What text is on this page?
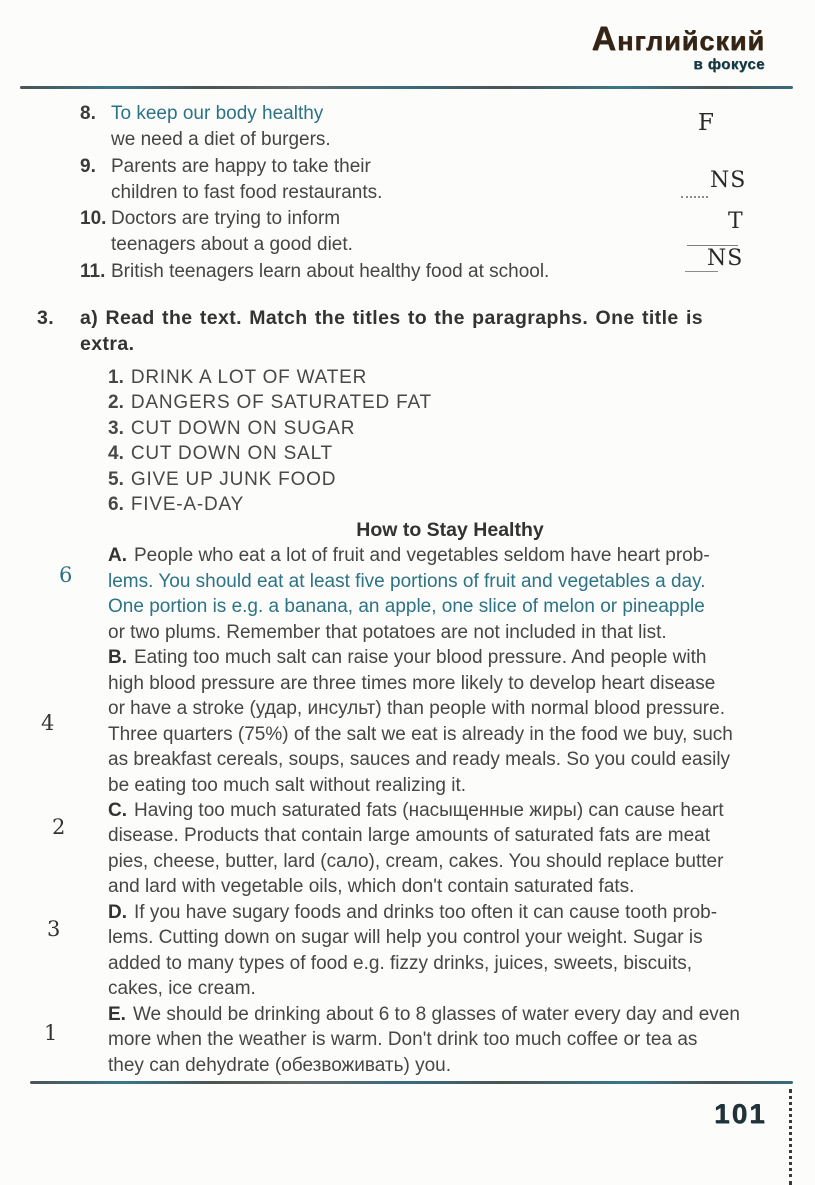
Английский
в фокусе
8. To keep our body healthy
we need a diet of burgers.
9. Parents are happy to take their
children to fast food restaurants.
10. Doctors are trying to inform
teenagers about a good diet.
11. British teenagers learn about healthy food at school.
F
NS
T
NS
3.	a) Read the text. Match the titles to the paragraphs. One title is
extra.
1. DRINK A LOT OF WATER
2. DANGERS OF SATURATED FAT
3. CUT DOWN ON SUGAR
4. CUT DOWN ON SALT
5. GIVE UP JUNK FOOD
6. FIVE-A-DAY
How to Stay Healthy
A. People who eat a lot of fruit and vegetables seldom have heart prob-
lems. You should eat at least five portions of fruit and vegetables a day.
One portion is e.g. a banana, an apple, one slice of melon or pineapple
or two plums. Remember that potatoes are not included in that list.
B. Eating too much salt can raise your blood pressure. And people with
high blood pressure are three times more likely to develop heart disease
or have a stroke (удар, инсульт) than people with normal blood pressure.
Three quarters (75%) of the salt we eat is already in the food we buy, such
as breakfast cereals, soups, sauces and ready meals. So you could easily
be eating too much salt without realizing it.
C. Having too much saturated fats (насыщенные жиры) can cause heart
disease. Products that contain large amounts of saturated fats are meat
pies, cheese, butter, lard (сало), cream, cakes. You should replace butter
and lard with vegetable oils, which don't contain saturated fats.
D. If you have sugary foods and drinks too often it can cause tooth prob-
lems. Cutting down on sugar will help you control your weight. Sugar is
added to many types of food e.g. fizzy drinks, juices, sweets, biscuits,
cakes, ice cream.
E. We should be drinking about 6 to 8 glasses of water every day and even
more when the weather is warm. Don't drink too much coffee or tea as
they can dehydrate (обезвоживать) you.
6
4
2
3
1
101
